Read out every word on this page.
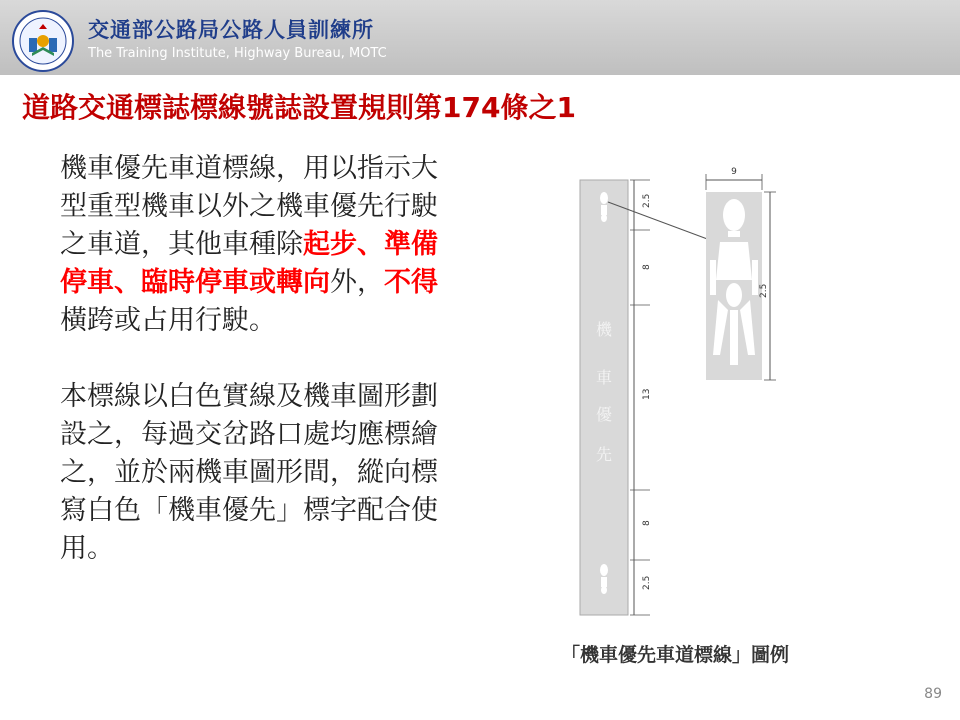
交通部公路局公路人員訓練所
The Training Institute, Highway Bureau, MOTC
道路交通標誌標線號誌設置規則第174條之1

機車優先車道標線，用以指示大型重型機車以外之機車優先行駛之車道，其他車種除起步、準備停車、臨時停車或轉向外，不得橫跨或占用行駛。

本標線以白色實線及機車圖形劃設之，每過交岔路口處均應標繪之，並於兩機車圖形間，縱向標寫白色「機車優先」標字配合使用。

機
車
優
先
2.5
8
13
8
2.5
9
2.5
「機車優先車道標線」圖例
89
